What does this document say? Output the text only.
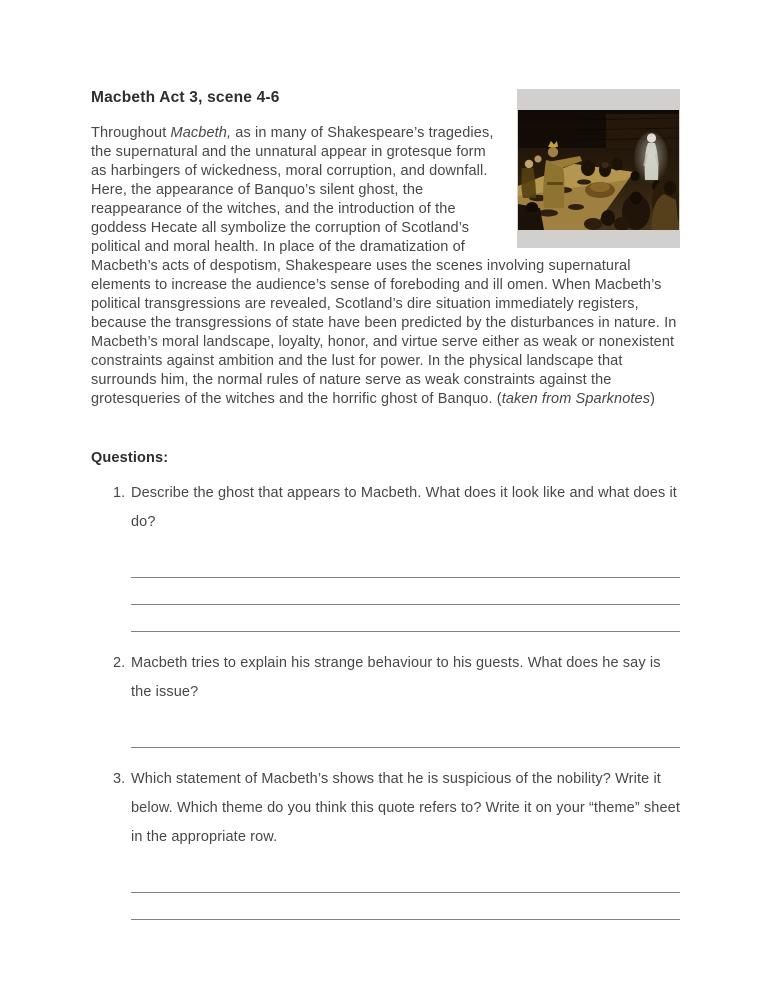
Macbeth Act 3, scene 4-6

Throughout Macbeth, as in many of Shakespeare’s tragedies, the supernatural and the unnatural appear in grotesque form as harbingers of wickedness, moral corruption, and downfall. Here, the appearance of Banquo’s silent ghost, the reappearance of the witches, and the introduction of the goddess Hecate all symbolize the corruption of Scotland’s political and moral health. In place of the dramatization of Macbeth’s acts of despotism, Shakespeare uses the scenes involving supernatural elements to increase the audience’s sense of foreboding and ill omen. When Macbeth’s political transgressions are revealed, Scotland’s dire situation immediately registers, because the transgressions of state have been predicted by the disturbances in nature. In Macbeth’s moral landscape, loyalty, honor, and virtue serve either as weak or nonexistent constraints against ambition and the lust for power. In the physical landscape that surrounds him, the normal rules of nature serve as weak constraints against the grotesqueries of the witches and the horrific ghost of Banquo. (taken from Sparknotes)

Questions:
1. Describe the ghost that appears to Macbeth. What does it look like and what does it do?
2. Macbeth tries to explain his strange behaviour to his guests. What does he say is the issue?
3. Which statement of Macbeth’s shows that he is suspicious of the nobility? Write it below. Which theme do you think this quote refers to? Write it on your “theme” sheet in the appropriate row.
